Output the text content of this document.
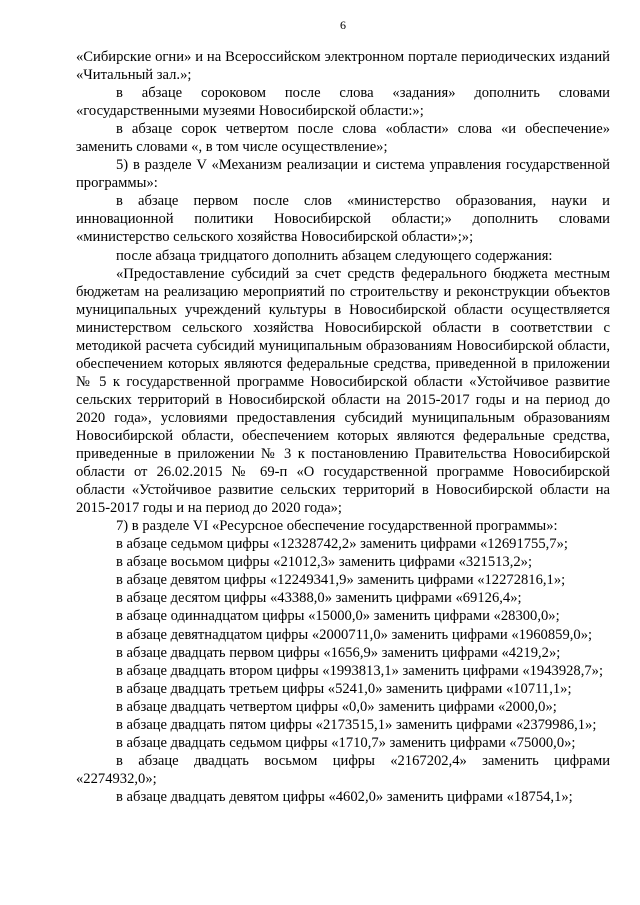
6

«Сибирские огни» и на Всероссийском электронном портале периодических изданий «Читальный зал.»;

в абзаце сороковом после слова «задания» дополнить словами «государственными музеями Новосибирской области:»;

в абзаце сорок четвертом после слова «области» слова «и обеспечение» заменить словами «, в том числе осуществление»;

5) в разделе V «Механизм реализации и система управления государственной программы»:

в абзаце первом после слов «министерство образования, науки и инновационной политики Новосибирской области;» дополнить словами «министерство сельского хозяйства Новосибирской области»;»;

после абзаца тридцатого дополнить абзацем следующего содержания:

«Предоставление субсидий за счет средств федерального бюджета местным бюджетам на реализацию мероприятий по строительству и реконструкции объектов муниципальных учреждений культуры в Новосибирской области осуществляется министерством сельского хозяйства Новосибирской области в соответствии с методикой расчета субсидий муниципальным образованиям Новосибирской области, обеспечением которых являются федеральные средства, приведенной в приложении № 5 к государственной программе Новосибирской области «Устойчивое развитие сельских территорий в Новосибирской области на 2015-2017 годы и на период до 2020 года», условиями предоставления субсидий муниципальным образованиям Новосибирской области, обеспечением которых являются федеральные средства, приведенные в приложении № 3 к постановлению Правительства Новосибирской области от 26.02.2015 № 69-п «О государственной программе Новосибирской области «Устойчивое развитие сельских территорий в Новосибирской области на 2015-2017 годы и на период до 2020 года»;

7) в разделе VI «Ресурсное обеспечение государственной программы»:

в абзаце седьмом цифры «12328742,2» заменить цифрами «12691755,7»;

в абзаце восьмом цифры «21012,3» заменить цифрами «321513,2»;

в абзаце девятом цифры «12249341,9» заменить цифрами «12272816,1»;

в абзаце десятом цифры «43388,0» заменить цифрами «69126,4»;

в абзаце одиннадцатом цифры «15000,0» заменить цифрами «28300,0»;

в абзаце девятнадцатом цифры «2000711,0» заменить цифрами «1960859,0»;

в абзаце двадцать первом цифры «1656,9» заменить цифрами «4219,2»;

в абзаце двадцать втором цифры «1993813,1» заменить цифрами «1943928,7»;

в абзаце двадцать третьем цифры «5241,0» заменить цифрами «10711,1»;

в абзаце двадцать четвертом цифры «0,0» заменить цифрами «2000,0»;

в абзаце двадцать пятом цифры «2173515,1» заменить цифрами «2379986,1»;

в абзаце двадцать седьмом цифры «1710,7» заменить цифрами «75000,0»;

в абзаце двадцать восьмом цифры «2167202,4» заменить цифрами «2274932,0»;

в абзаце двадцать девятом цифры «4602,0» заменить цифрами «18754,1»;
